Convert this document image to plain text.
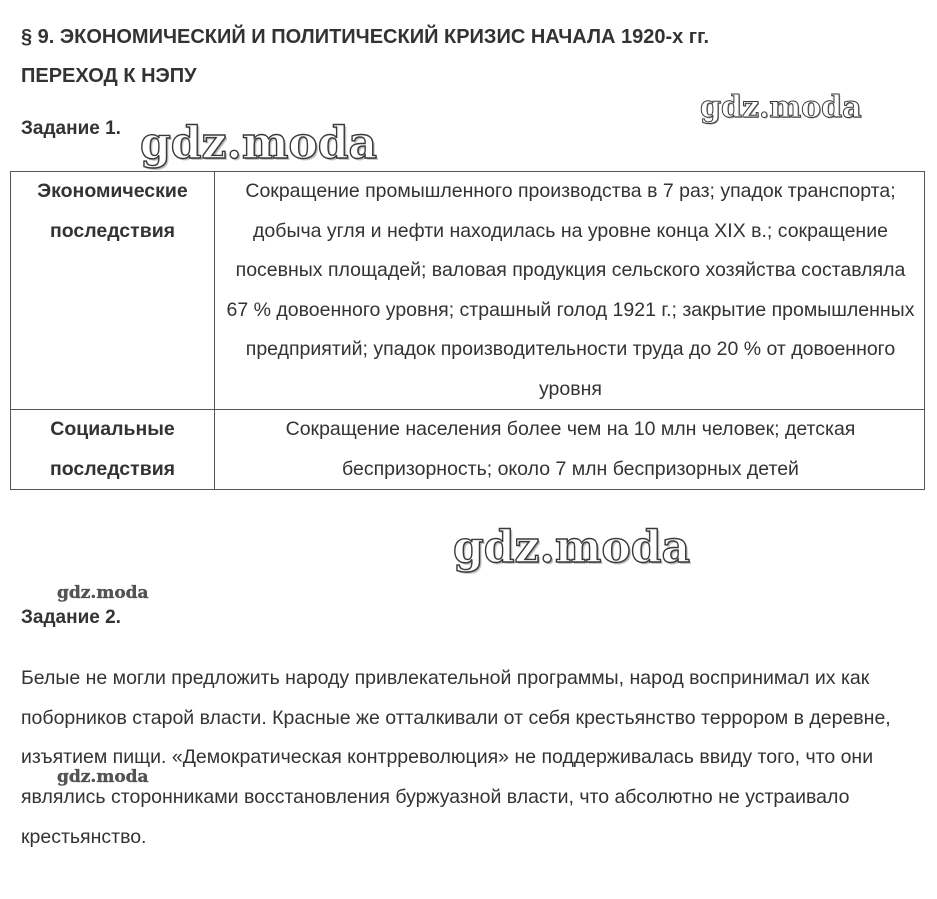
§ 9. ЭКОНОМИЧЕСКИЙ И ПОЛИТИЧЕСКИЙ КРИЗИС НАЧАЛА 1920-х гг.
ПЕРЕХОД К НЭПУ
Задание 1.
Экономические
последствия	Сокращение промышленного производства в 7 раз; упадок транспорта; добыча угля и нефти находилась на уровне конца XIX в.; сокращение посевных площадей; валовая продукция сельского хозяйства составляла 67 % довоенного уровня; страшный голод 1921 г.; закрытие промышленных предприятий; упадок производительности труда до 20 % от довоенного уровня

Социальные
последствия	Сокращение населения более чем на 10 млн человек; детская беспризорность; около 7 млн беспризорных детей
Задание 2.
Белые не могли предложить народу привлекательной программы, народ воспринимал их как поборников старой власти. Красные же отталкивали от себя крестьянство террором в деревне, изъятием пищи. «Демократическая контрреволюция» не поддерживалась ввиду того, что они являлись сторонниками восстановления буржуазной власти, что абсолютно не устраивало крестьянство.
gdz.moda
gdz.moda
gdz.moda
gdz.moda
gdz.moda
